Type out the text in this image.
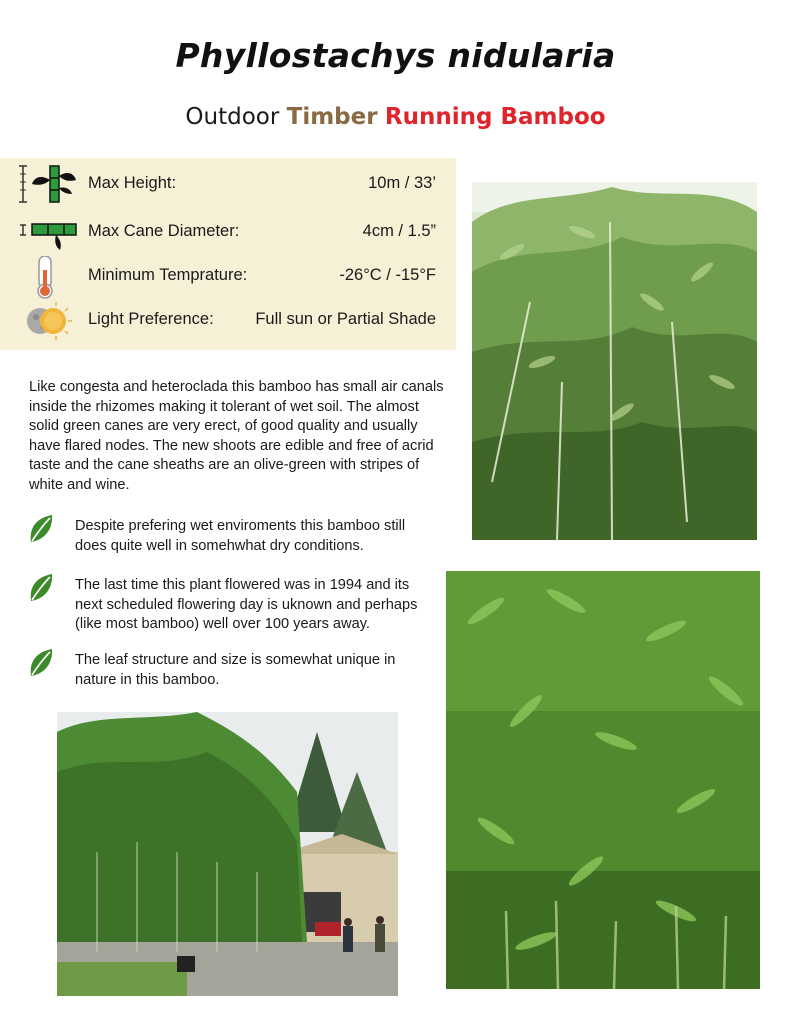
Phyllostachys nidularia
Outdoor Timber Running Bamboo
Max Height:	10m / 33’
Max Cane Diameter:	4cm / 1.5”
Minimum Temprature:	-26°C / -15°F
Light Preference:	Full sun or Partial Shade
Like congesta and heteroclada this bamboo has small air canals inside the rhizomes making it tolerant of wet soil. The almost solid green canes are very erect, of good quality and usually have flared nodes. The new shoots are edible and free of acrid taste and the cane sheaths are an olive-green with stripes of white and wine.
Despite prefering wet enviroments this bamboo still does quite well in somehwhat dry conditions.
The last time this plant flowered was in 1994 and its next scheduled flowering day is uknown and perhaps (like most bamboo) well over 100 years away.
The leaf structure and size is somewhat unique in nature in this bamboo.
